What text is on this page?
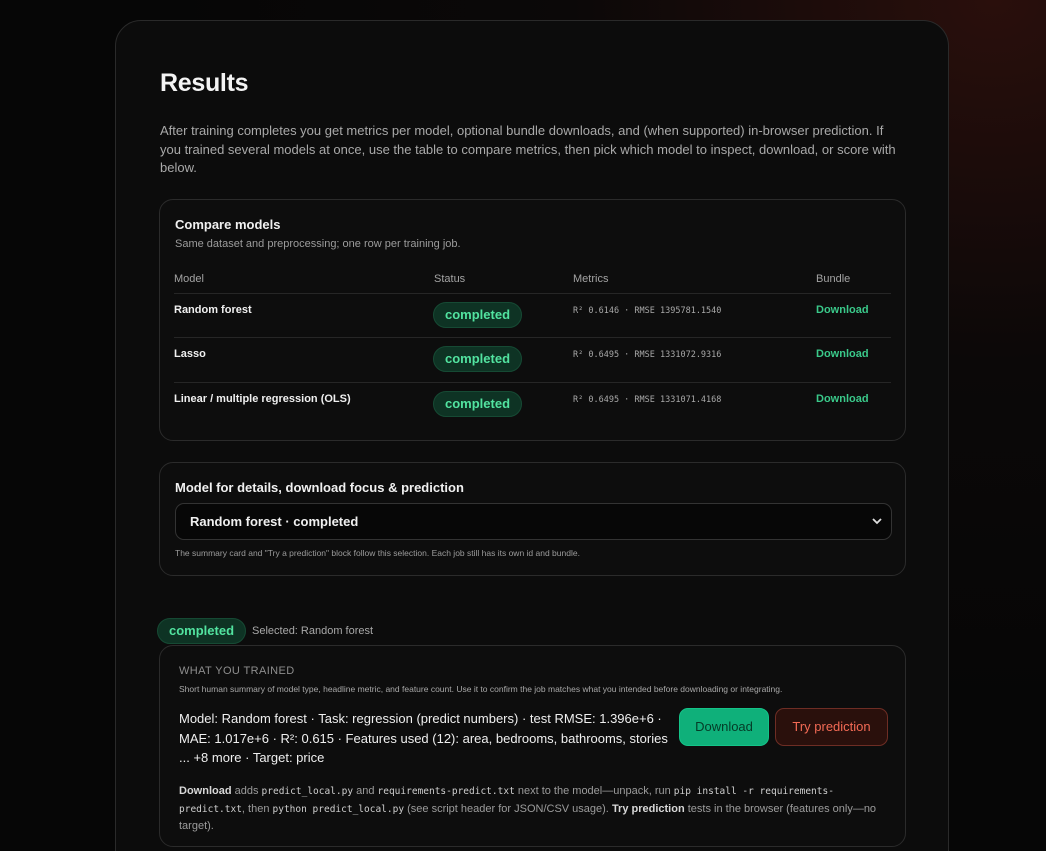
Results
After training completes you get metrics per model, optional bundle downloads, and (when supported) in-browser prediction. If you trained several models at once, use the table to compare metrics, then pick which model to inspect, download, or score with below.
Compare models
Same dataset and preprocessing; one row per training job.
Model	Status	Metrics	Bundle
Random forest	completed	R² 0.6146 · RMSE 1395781.1540	Download
Lasso	completed	R² 0.6495 · RMSE 1331072.9316	Download
Linear / multiple regression (OLS)	completed	R² 0.6495 · RMSE 1331071.4168	Download
Model for details, download focus & prediction
Random forest · completed
The summary card and "Try a prediction" block follow this selection. Each job still has its own id and bundle.
completed	Selected: Random forest
WHAT YOU TRAINED
Short human summary of model type, headline metric, and feature count. Use it to confirm the job matches what you intended before downloading or integrating.
Model: Random forest · Task: regression (predict numbers) · test RMSE: 1.396e+6 · MAE: 1.017e+6 · R²: 0.615 · Features used (12): area, bedrooms, bathrooms, stories ... +8 more · Target: price
Download	Try prediction
Download adds predict_local.py and requirements-predict.txt next to the model—unpack, run pip install -r requirements-predict.txt, then python predict_local.py (see script header for JSON/CSV usage). Try prediction tests in the browser (features only—no target).
